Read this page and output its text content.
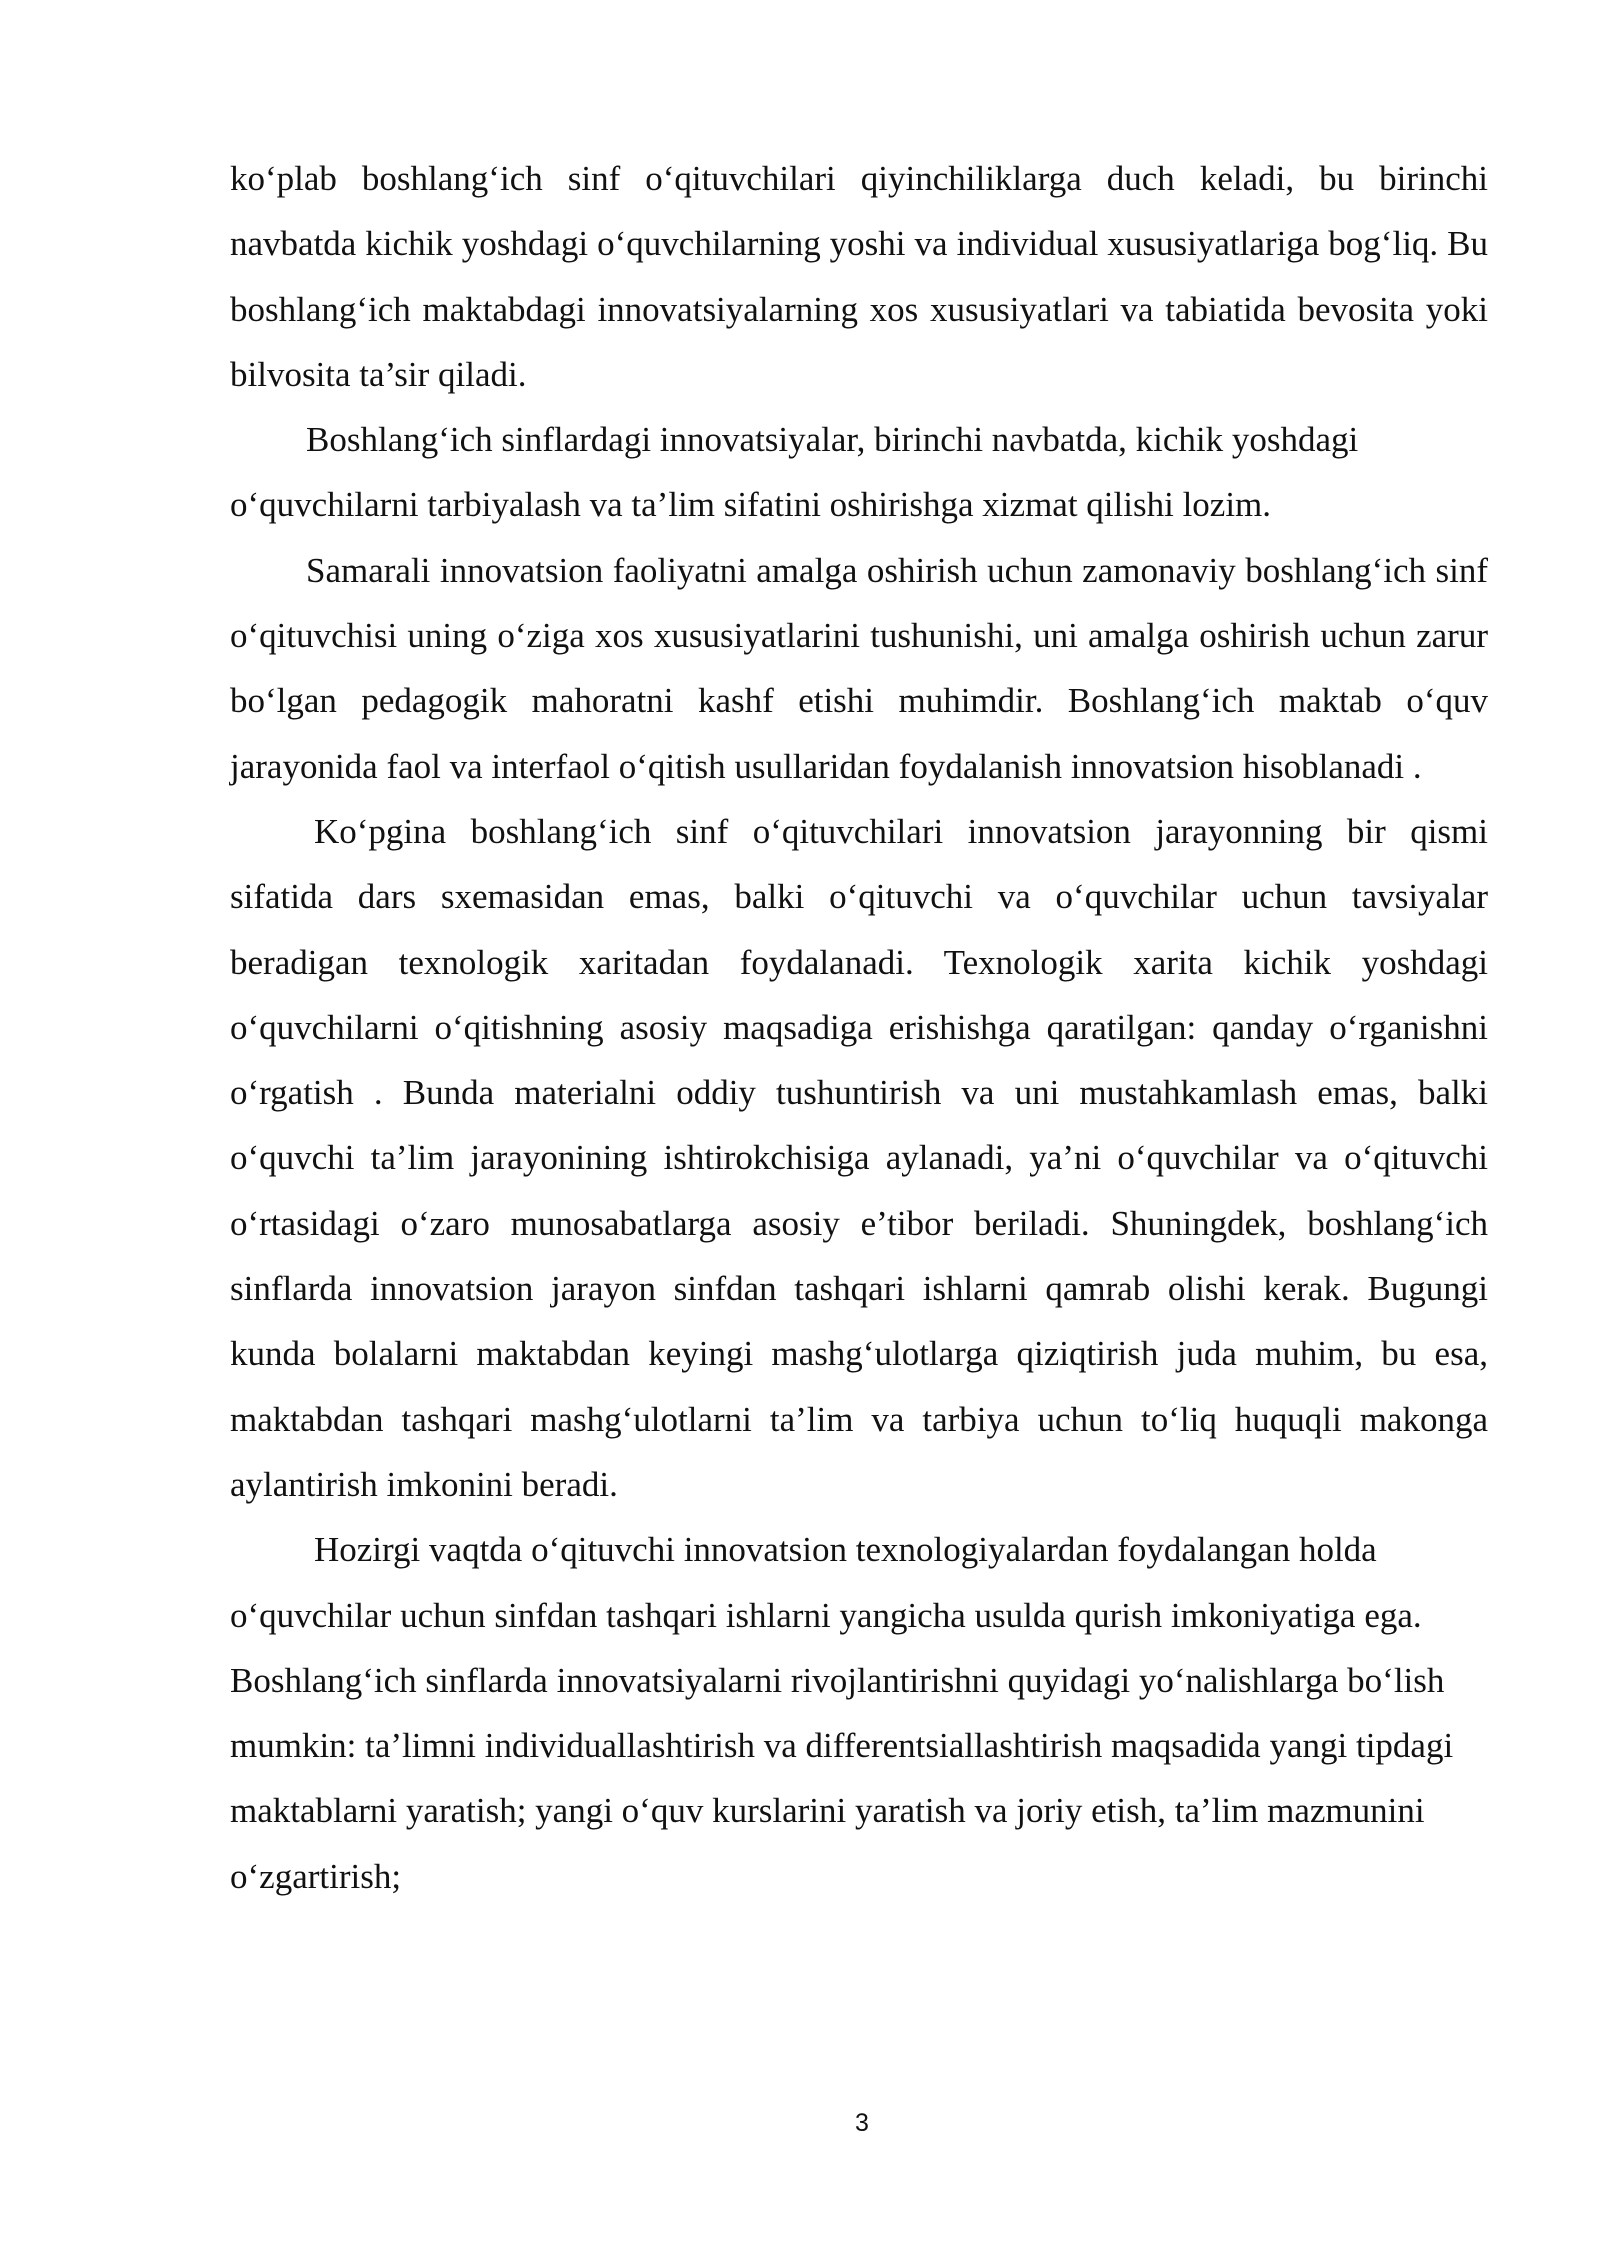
ko‘plab boshlang‘ich sinf o‘qituvchilari qiyinchiliklarga duch keladi, bu birinchi navbatda kichik yoshdagi o‘quvchilarning yoshi va individual xususiyatlariga bog‘liq. Bu boshlang‘ich maktabdagi innovatsiyalarning xos xususiyatlari va tabiatida bevosita yoki bilvosita ta’sir qiladi.

Boshlang‘ich sinflardagi innovatsiyalar, birinchi navbatda, kichik yoshdagi o‘quvchilarni tarbiyalash va ta’lim sifatini oshirishga xizmat qilishi lozim.

Samarali innovatsion faoliyatni amalga oshirish uchun zamonaviy boshlang‘ich sinf o‘qituvchisi uning o‘ziga xos xususiyatlarini tushunishi, uni amalga oshirish uchun zarur bo‘lgan pedagogik mahoratni kashf etishi muhimdir. Boshlang‘ich maktab o‘quv jarayonida faol va interfaol o‘qitish usullaridan foydalanish innovatsion hisoblanadi .

Ko‘pgina boshlang‘ich sinf o‘qituvchilari innovatsion jarayonning bir qismi sifatida dars sxemasidan emas, balki o‘qituvchi va o‘quvchilar uchun tavsiyalar beradigan texnologik xaritadan foydalanadi. Texnologik xarita kichik yoshdagi o‘quvchilarni o‘qitishning asosiy maqsadiga erishishga qaratilgan: qanday o‘rganishni o‘rgatish . Bunda materialni oddiy tushuntirish va uni mustahkamlash emas, balki o‘quvchi ta’lim jarayonining ishtirokchisiga aylanadi, ya’ni o‘quvchilar va o‘qituvchi o‘rtasidagi o‘zaro munosabatlarga asosiy e’tibor beriladi. Shuningdek, boshlang‘ich sinflarda innovatsion jarayon sinfdan tashqari ishlarni qamrab olishi kerak. Bugungi kunda bolalarni maktabdan keyingi mashg‘ulotlarga qiziqtirish juda muhim, bu esa, maktabdan tashqari mashg‘ulotlarni ta’lim va tarbiya uchun to‘liq huquqli makonga aylantirish imkonini beradi.

Hozirgi vaqtda o‘qituvchi innovatsion texnologiyalardan foydalangan holda o‘quvchilar uchun sinfdan tashqari ishlarni yangicha usulda qurish imkoniyatiga ega.

Boshlang‘ich sinflarda innovatsiyalarni rivojlantirishni quyidagi yo‘nalishlarga bo‘lish mumkin: ta’limni individuallashtirish va differentsiallashtirish maqsadida yangi tipdagi maktablarni yaratish; yangi o‘quv kurslarini yaratish va joriy etish, ta’lim mazmunini o‘zgartirish;

3
